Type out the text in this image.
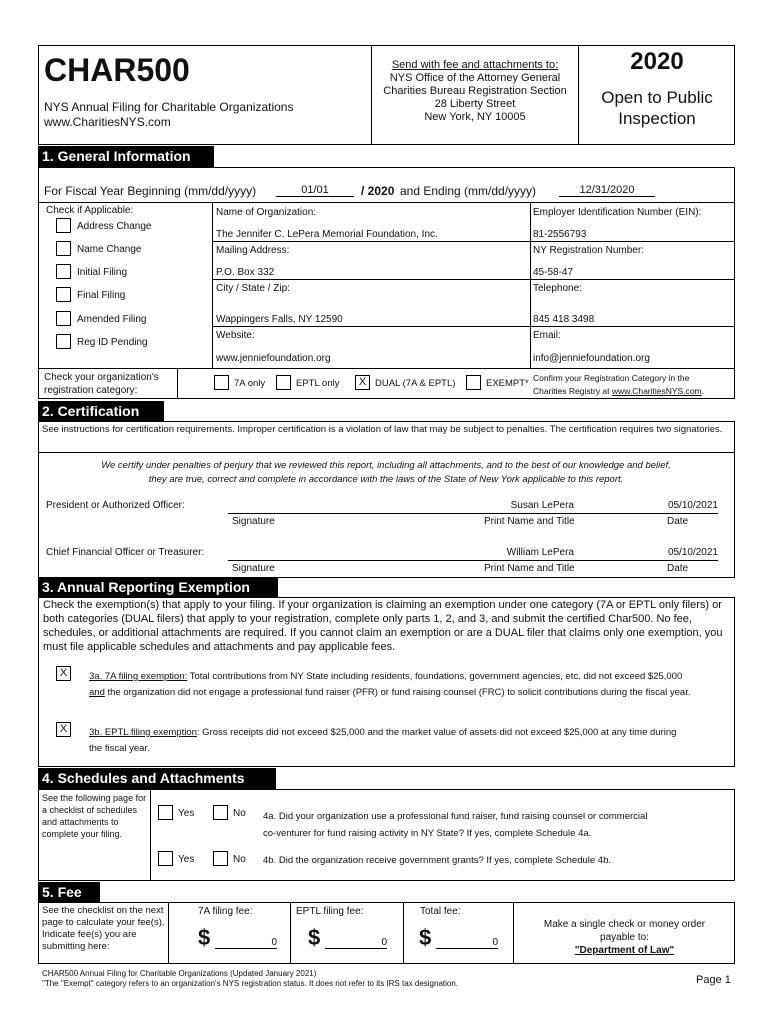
CHAR500
NYS Annual Filing for Charitable Organizations
www.CharitiesNYS.com
Send with fee and attachments to:
NYS Office of the Attorney General
Charities Bureau Registration Section
28 Liberty Street
New York, NY 10005
2020
Open to Public
Inspection
1. General Information
For Fiscal Year Beginning (mm/dd/yyyy)	01/01	/ 2020 and Ending (mm/dd/yyyy)	12/31/2020
Check if Applicable:
Address Change
Name Change
Initial Filing
Final Filing
Amended Filing
Reg ID Pending
Name of Organization:
The Jennifer C. LePera Memorial Foundation, Inc.
Mailing Address:
P.O. Box 332
City / State / Zip:
Wappingers Falls, NY 12590
Website:
www.jenniefoundation.org
Employer Identification Number (EIN):
81-2556793
NY Registration Number:
45-58-47
Telephone:
845 418 3498
Email:
info@jenniefoundation.org
Check your organization's
registration category:
7A only	EPTL only	X DUAL (7A & EPTL)	EXEMPT* Confirm your Registration Category in the
Charities Registry at www.CharitiesNYS.com.
2. Certification
See instructions for certification requirements. Improper certification is a violation of law that may be subject to penalties. The certification requires two signatories.
We certify under penalties of perjury that we reviewed this report, including all attachments, and to the best of our knowledge and belief,
they are true, correct and complete in accordance with the laws of the State of New York applicable to this report.
President or Authorized Officer:	Susan LePera	05/10/2021
Signature	Print Name and Title	Date
Chief Financial Officer or Treasurer:	William LePera	05/10/2021
Signature	Print Name and Title	Date
3. Annual Reporting Exemption
Check the exemption(s) that apply to your filing. If your organization is claiming an exemption under one category (7A or EPTL only filers) or both categories (DUAL filers) that apply to your registration, complete only parts 1, 2, and 3, and submit the certified Char500. No fee, schedules, or additional attachments are required. If you cannot claim an exemption or are a DUAL filer that claims only one exemption, you must file applicable schedules and attachments and pay applicable fees.
X	3a. 7A filing exemption: Total contributions from NY State including residents, foundations, government agencies, etc. did not exceed $25,000
and the organization did not engage a professional fund raiser (PFR) or fund raising counsel (FRC) to solicit contributions during the fiscal year.
X	3b. EPTL filing exemption: Gross receipts did not exceed $25,000 and the market value of assets did not exceed $25,000 at any time during
the fiscal year.
4. Schedules and Attachments
See the following page for a checklist of schedules and attachments to complete your filing.
Yes	No 4a. Did your organization use a professional fund raiser, fund raising counsel or commercial
co-venturer for fund raising activity in NY State? If yes, complete Schedule 4a.
Yes	No 4b. Did the organization receive government grants? If yes, complete Schedule 4b.
5. Fee
See the checklist on the next page to calculate your fee(s). Indicate fee(s) you are submitting here:
7A filing fee:
$	0
EPTL filing fee:
$	0
Total fee:
$	0
Make a single check or money order
payable to:
"Department of Law"
CHAR500 Annual Filing for Charitable Organizations (Updated January 2021)
"The "Exempt" category refers to an organization's NYS registration status. It does not refer to its IRS tax designation.	Page 1
